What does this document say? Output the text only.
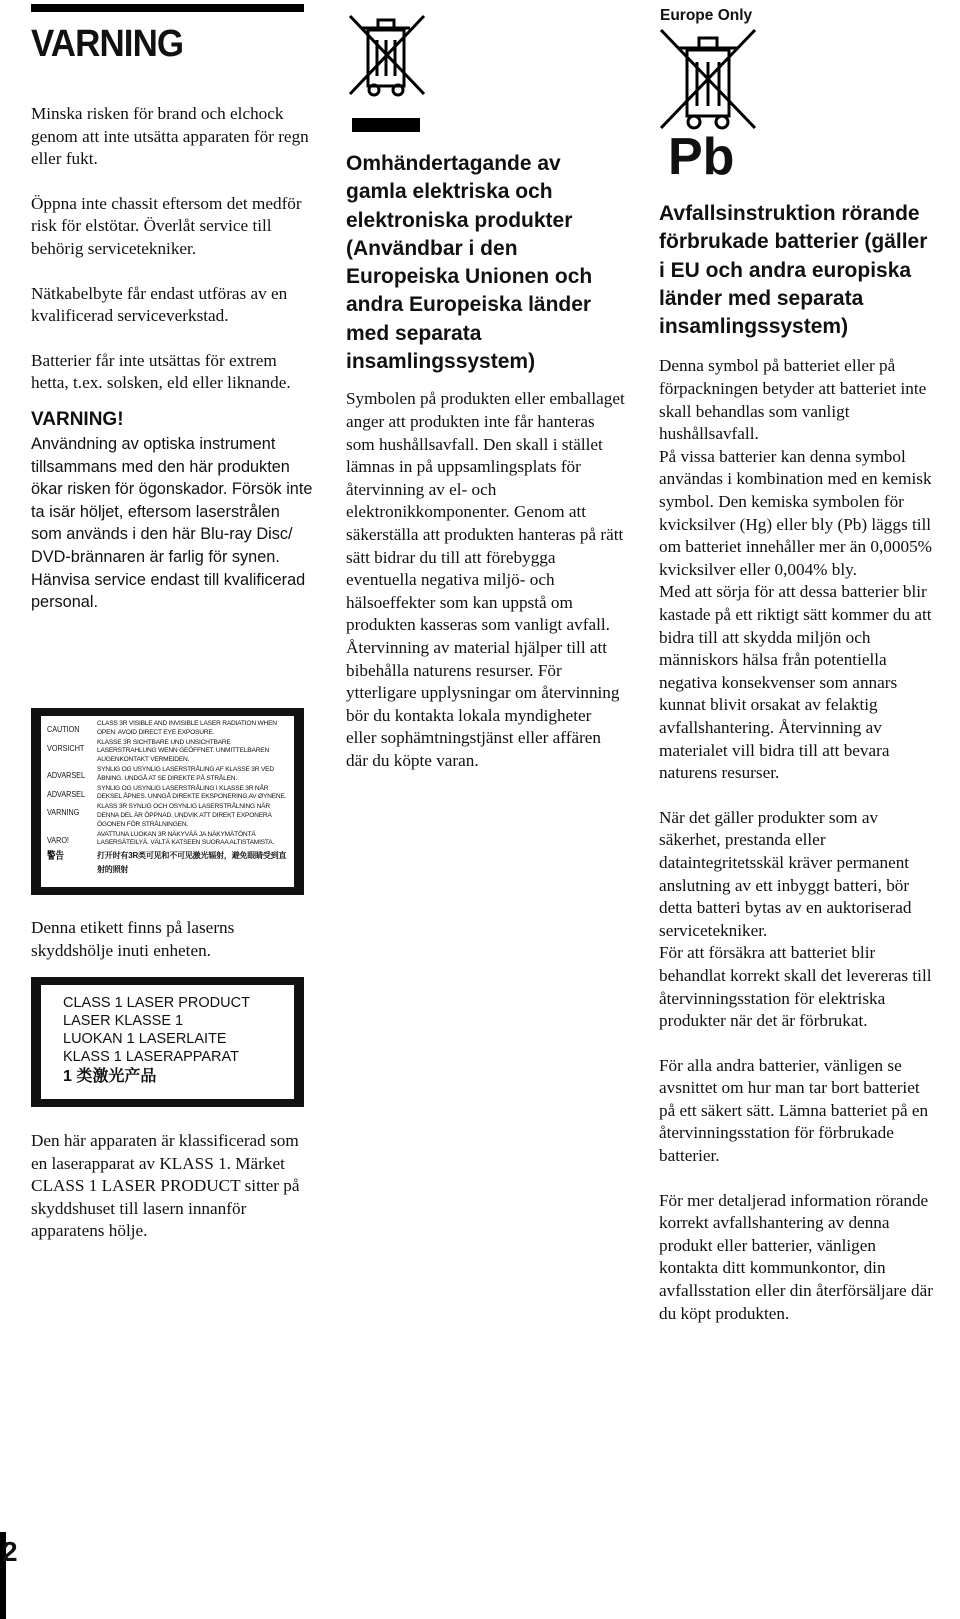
VARNING

Minska risken för brand och elchock genom att inte utsätta apparaten för regn eller fukt.

Öppna inte chassit eftersom det medför risk för elstötar. Överlåt service till behörig servicetekniker.

Nätkabelbyte får endast utföras av en kvalificerad serviceverkstad.

Batterier får inte utsättas för extrem hetta, t.ex. solsken, eld eller liknande.

VARNING!

Användning av optiska instrument tillsammans med den här produkten ökar risken för ögonskador. Försök inte ta isär höljet, eftersom laserstrålen som används i den här Blu-ray Disc/ DVD-brännaren är farlig för synen.

Hänvisa service endast till kvalificerad personal.

CAUTION
CLASS 3R VISIBLE AND INVISIBLE LASER RADIATION WHEN OPEN. AVOID DIRECT EYE EXPOSURE.
VORSICHT
KLASSE 3R SICHTBARE UND UNSICHTBARE LASERSTRAHLUNG WENN GEÖFFNET. UNMITTELBAREN AUGENKONTAKT VERMEIDEN.
ADVARSEL
SYNLIG OG USYNLIG LASERSTRÅLING AF KLASSE 3R VED ÅBNING. UNDGÅ AT SE DIREKTE PÅ STRÅLEN.
ADVARSEL
SYNLIG OG USYNLIG LASERSTRÅLING I KLASSE 3R NÅR DEKSEL ÅPNES. UNNGÅ DIREKTE EKSPONERING AV ØYNENE.
VARNING
KLASS 3R SYNLIG OCH OSYNLIG LASERSTRÅLNING NÄR DENNA DEL ÄR ÖPPNAD. UNDVIK ATT DIREKT EXPONERA ÖGONEN FÖR STRÅLNINGEN.
VARO!
AVATTUNA LUOKAN 3R NÄKYVÄÄ JA NÄKYMÄTÖNTÄ LASERSÄTEILYÄ. VÄLTÄ KATSEEN SUORAA ALTISTAMISTA.
警告	打开时有3R类可见和不可见激光辐射，避免眼睛受到直射的照射

Denna etikett finns på laserns skyddshölje inuti enheten.

CLASS 1 LASER PRODUCT
LASER KLASSE 1
LUOKAN 1 LASERLAITE
KLASS 1 LASERAPPARAT
1 类激光产品

Den här apparaten är klassificerad som en laserapparat av KLASS 1. Märket CLASS 1 LASER PRODUCT sitter på skyddshuset till lasern innanför apparatens hölje.

Omhändertagande av gamla elektriska och elektroniska produkter (Användbar i den Europeiska Unionen och andra Europeiska länder med separata insamlingssystem)

Symbolen på produkten eller emballaget anger att produkten inte får hanteras som hushållsavfall. Den skall i stället lämnas in på uppsamlingsplats för återvinning av el- och elektronikkomponenter. Genom att säkerställa att produkten hanteras på rätt sätt bidrar du till att förebygga eventuella negativa miljö- och hälsoeffekter som kan uppstå om produkten kasseras som vanligt avfall. Återvinning av material hjälper till att bibehålla naturens resurser. För ytterligare upplysningar om återvinning bör du kontakta lokala myndigheter eller sophämtningstjänst eller affären där du köpte varan.

Europe Only
Pb

Avfallsinstruktion rörande förbrukade batterier (gäller i EU och andra europiska länder med separata insamlingssystem)

Denna symbol på batteriet eller på förpackningen betyder att batteriet inte skall behandlas som vanligt hushållsavfall.

På vissa batterier kan denna symbol användas i kombination med en kemisk symbol. Den kemiska symbolen för kvicksilver (Hg) eller bly (Pb) läggs till om batteriet innehåller mer än 0,0005% kvicksilver eller 0,004% bly.

Med att sörja för att dessa batterier blir kastade på ett riktigt sätt kommer du att bidra till att skydda miljön och människors hälsa från potentiella negativa konsekvenser som annars kunnat blivit orsakat av felaktig avfallshantering. Återvinning av materialet vill bidra till att bevara naturens resurser.

När det gäller produkter som av säkerhet, prestanda eller dataintegritetsskäl kräver permanent anslutning av ett inbyggt batteri, bör detta batteri bytas av en auktoriserad servicetekniker.

För att försäkra att batteriet blir behandlat korrekt skall det levereras till återvinningsstation för elektriska produkter när det är förbrukat.

För alla andra batterier, vänligen se avsnittet om hur man tar bort batteriet på ett säkert sätt. Lämna batteriet på en återvinningsstation för förbrukade batterier.

För mer detaljerad information rörande korrekt avfallshantering av denna produkt eller batterier, vänligen kontakta ditt kommunkontor, din avfallsstation eller din återförsäljare där du köpt produkten.

2
